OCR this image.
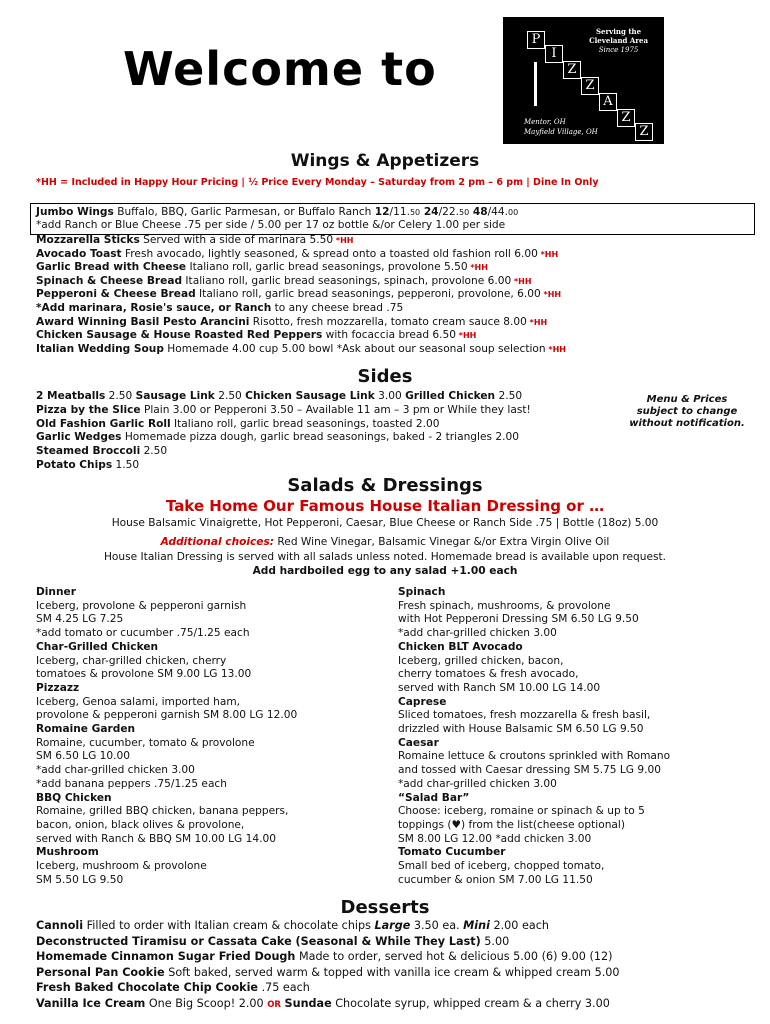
Welcome to
Serving the
Cleveland Area
Since 1975
P
I
Z
Z
A
Z
Z
Mentor, OH
Mayfield Village, OH
Wings & Appetizers
*HH = Included in Happy Hour Pricing | ½ Price Every Monday – Saturday from 2 pm – 6 pm | Dine In Only
Jumbo Wings Buffalo, BBQ, Garlic Parmesan, or Buffalo Ranch 12/11.50 24/22.50 48/44.00
*add Ranch or Blue Cheese .75 per side / 5.00 per 17 oz bottle &/or Celery 1.00 per side
Mozzarella Sticks Served with a side of marinara 5.50 *HH
Avocado Toast Fresh avocado, lightly seasoned, & spread onto a toasted old fashion roll 6.00 *HH
Garlic Bread with Cheese Italiano roll, garlic bread seasonings, provolone 5.50 *HH
Spinach & Cheese Bread Italiano roll, garlic bread seasonings, spinach, provolone 6.00 *HH
Pepperoni & Cheese Bread Italiano roll, garlic bread seasonings, pepperoni, provolone, 6.00 *HH
*Add marinara, Rosie's sauce, or Ranch to any cheese bread .75
Award Winning Basil Pesto Arancini Risotto, fresh mozzarella, tomato cream sauce 8.00 *HH
Chicken Sausage & House Roasted Red Peppers with focaccia bread 6.50 *HH
Italian Wedding Soup Homemade 4.00 cup 5.00 bowl *Ask about our seasonal soup selection *HH
Sides
2 Meatballs 2.50 Sausage Link 2.50 Chicken Sausage Link 3.00 Grilled Chicken 2.50
Pizza by the Slice Plain 3.00 or Pepperoni 3.50 – Available 11 am – 3 pm or While they last!
Old Fashion Garlic Roll Italiano roll, garlic bread seasonings, toasted 2.00
Garlic Wedges Homemade pizza dough, garlic bread seasonings, baked - 2 triangles 2.00
Steamed Broccoli 2.50
Potato Chips 1.50
Menu & Prices
subject to change
without notification.
Salads & Dressings
Take Home Our Famous House Italian Dressing or …
House Balsamic Vinaigrette, Hot Pepperoni, Caesar, Blue Cheese or Ranch Side .75 | Bottle (18oz) 5.00
Additional choices: Red Wine Vinegar, Balsamic Vinegar &/or Extra Virgin Olive Oil
House Italian Dressing is served with all salads unless noted. Homemade bread is available upon request.
Add hardboiled egg to any salad +1.00 each
Dinner
Iceberg, provolone & pepperoni garnish
SM 4.25 LG 7.25
*add tomato or cucumber .75/1.25 each
Char-Grilled Chicken
Iceberg, char-grilled chicken, cherry
tomatoes & provolone SM 9.00 LG 13.00
Pizzazz
Iceberg, Genoa salami, imported ham,
provolone & pepperoni garnish SM 8.00 LG 12.00
Romaine Garden
Romaine, cucumber, tomato & provolone
SM 6.50 LG 10.00
*add char-grilled chicken 3.00
*add banana peppers .75/1.25 each
BBQ Chicken
Romaine, grilled BBQ chicken, banana peppers,
bacon, onion, black olives & provolone,
served with Ranch & BBQ SM 10.00 LG 14.00
Mushroom
Iceberg, mushroom & provolone
SM 5.50 LG 9.50
Spinach
Fresh spinach, mushrooms, & provolone
with Hot Pepperoni Dressing SM 6.50 LG 9.50
*add char-grilled chicken 3.00
Chicken BLT Avocado
Iceberg, grilled chicken, bacon,
cherry tomatoes & fresh avocado,
served with Ranch SM 10.00 LG 14.00
Caprese
Sliced tomatoes, fresh mozzarella & fresh basil,
drizzled with House Balsamic SM 6.50 LG 9.50
Caesar
Romaine lettuce & croutons sprinkled with Romano
and tossed with Caesar dressing SM 5.75 LG 9.00
*add char-grilled chicken 3.00
“Salad Bar”
Choose: iceberg, romaine or spinach & up to 5
toppings (♥) from the list(cheese optional)
SM 8.00 LG 12.00 *add chicken 3.00
Tomato Cucumber
Small bed of iceberg, chopped tomato,
cucumber & onion SM 7.00 LG 11.50
Desserts
Cannoli Filled to order with Italian cream & chocolate chips Large 3.50 ea. Mini 2.00 each
Deconstructed Tiramisu or Cassata Cake (Seasonal & While They Last) 5.00
Homemade Cinnamon Sugar Fried Dough Made to order, served hot & delicious 5.00 (6) 9.00 (12)
Personal Pan Cookie Soft baked, served warm & topped with vanilla ice cream & whipped cream 5.00
Fresh Baked Chocolate Chip Cookie .75 each
Vanilla Ice Cream One Big Scoop! 2.00 OR Sundae Chocolate syrup, whipped cream & a cherry 3.00
